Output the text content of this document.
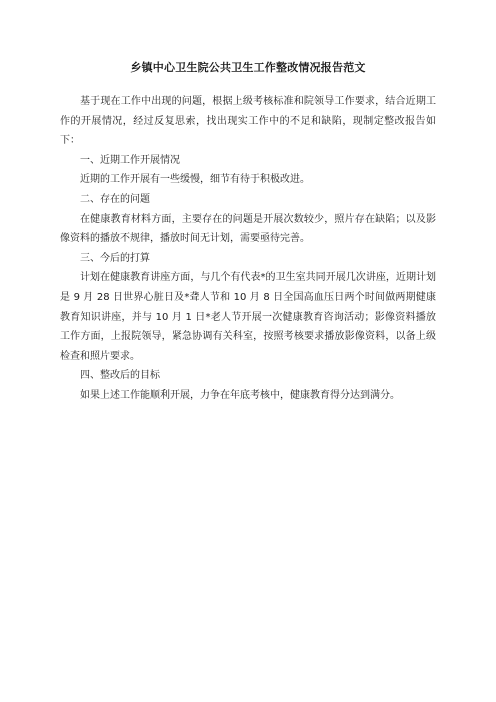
乡镇中心卫生院公共卫生工作整改情况报告范文

基于现在工作中出现的问题，根据上级考核标准和院领导工作要求，结合近期工作的开展情况，经过反复思索，找出现实工作中的不足和缺陷，现制定整改报告如下：

一、近期工作开展情况

近期的工作开展有一些缓慢，细节有待于积极改进。

二、存在的问题

在健康教育材料方面，主要存在的问题是开展次数较少，照片存在缺陷；以及影像资料的播放不规律，播放时间无计划，需要亟待完善。

三、今后的打算

计划在健康教育讲座方面，与几个有代表*的卫生室共同开展几次讲座，近期计划是 9 月 28 日世界心脏日及*聋人节和 10 月 8 日全国高血压日两个时间做两期健康教育知识讲座，并与 10 月 1 日*老人节开展一次健康教育咨询活动；影像资料播放工作方面，上报院领导，紧急协调有关科室，按照考核要求播放影像资料，以备上级检查和照片要求。

四、整改后的目标

如果上述工作能顺利开展，力争在年底考核中，健康教育得分达到满分。
